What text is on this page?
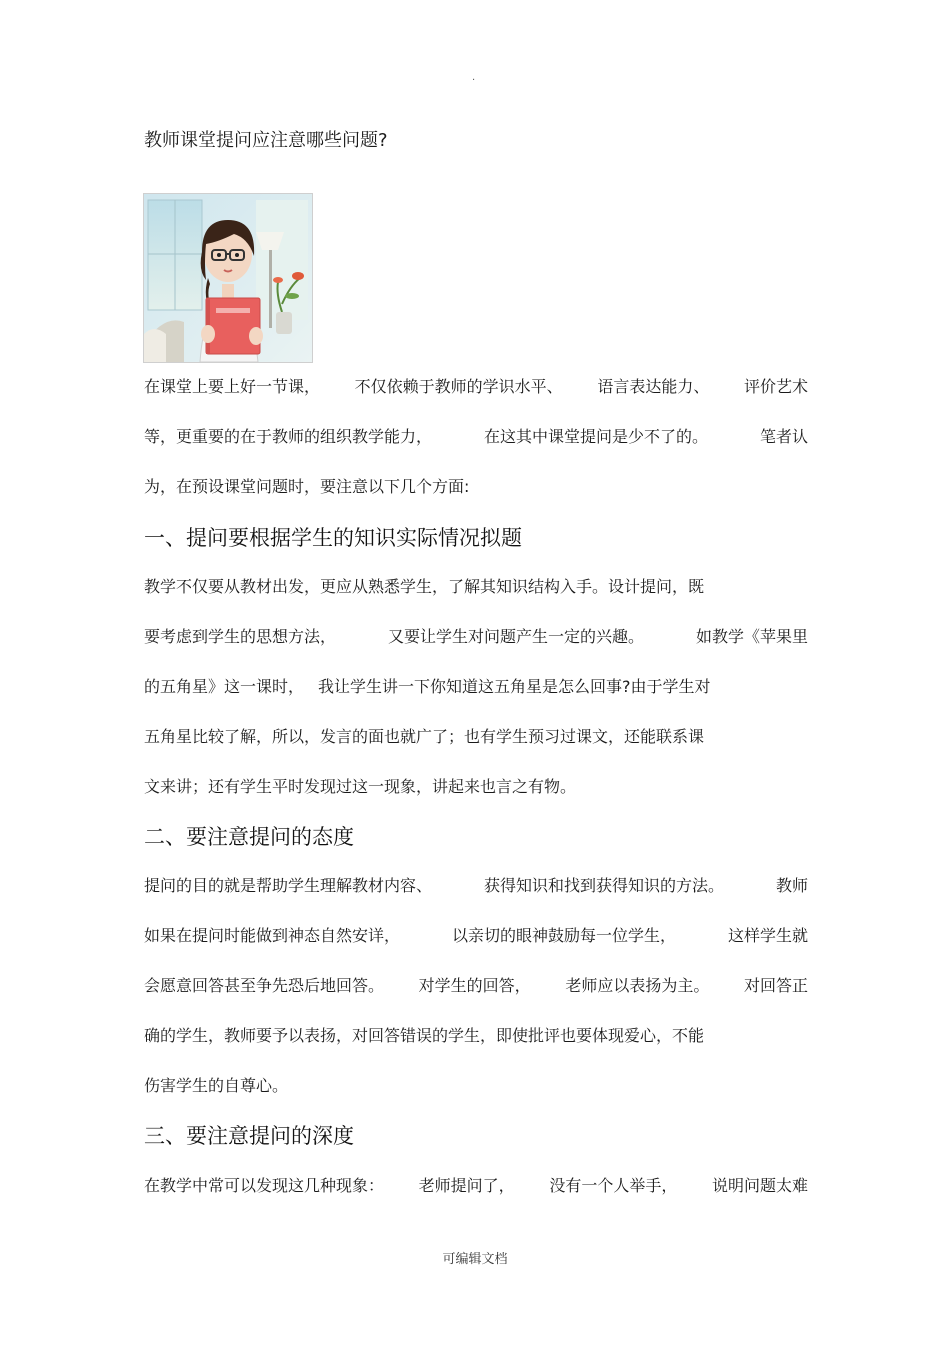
.
教师课堂提问应注意哪些问题?
在课堂上要上好一节课， 不仅依赖于教师的学识水平、 语言表达能力、 评价艺术
等，更重要的在于教师的组织教学能力，	在这其中课堂提问是少不了的。	笔者认
为，在预设课堂问题时，要注意以下几个方面:
一、提问要根据学生的知识实际情况拟题
教学不仅要从教材出发，更应从熟悉学生，了解其知识结构入手。设计提问，既
要考虑到学生的思想方法，	又要让学生对问题产生一定的兴趣。	如教学《苹果里
的五角星》这一课时， 我让学生讲一下你知道这五角星是怎么回事?由于学生对
五角星比较了解，所以，发言的面也就广了；也有学生预习过课文，还能联系课
文来讲；还有学生平时发现过这一现象，讲起来也言之有物。
二、要注意提问的态度
提问的目的就是帮助学生理解教材内容、	获得知识和找到获得知识的方法。	教师
如果在提问时能做到神态自然安详，	以亲切的眼神鼓励每一位学生，	这样学生就
会愿意回答甚至争先恐后地回答。 对学生的回答， 老师应以表扬为主。 对回答正
确的学生，教师要予以表扬，对回答错误的学生，即使批评也要体现爱心，不能
伤害学生的自尊心。
三、要注意提问的深度
在教学中常可以发现这几种现象： 老师提问了， 没有一个人举手， 说明问题太难
可编辑文档
